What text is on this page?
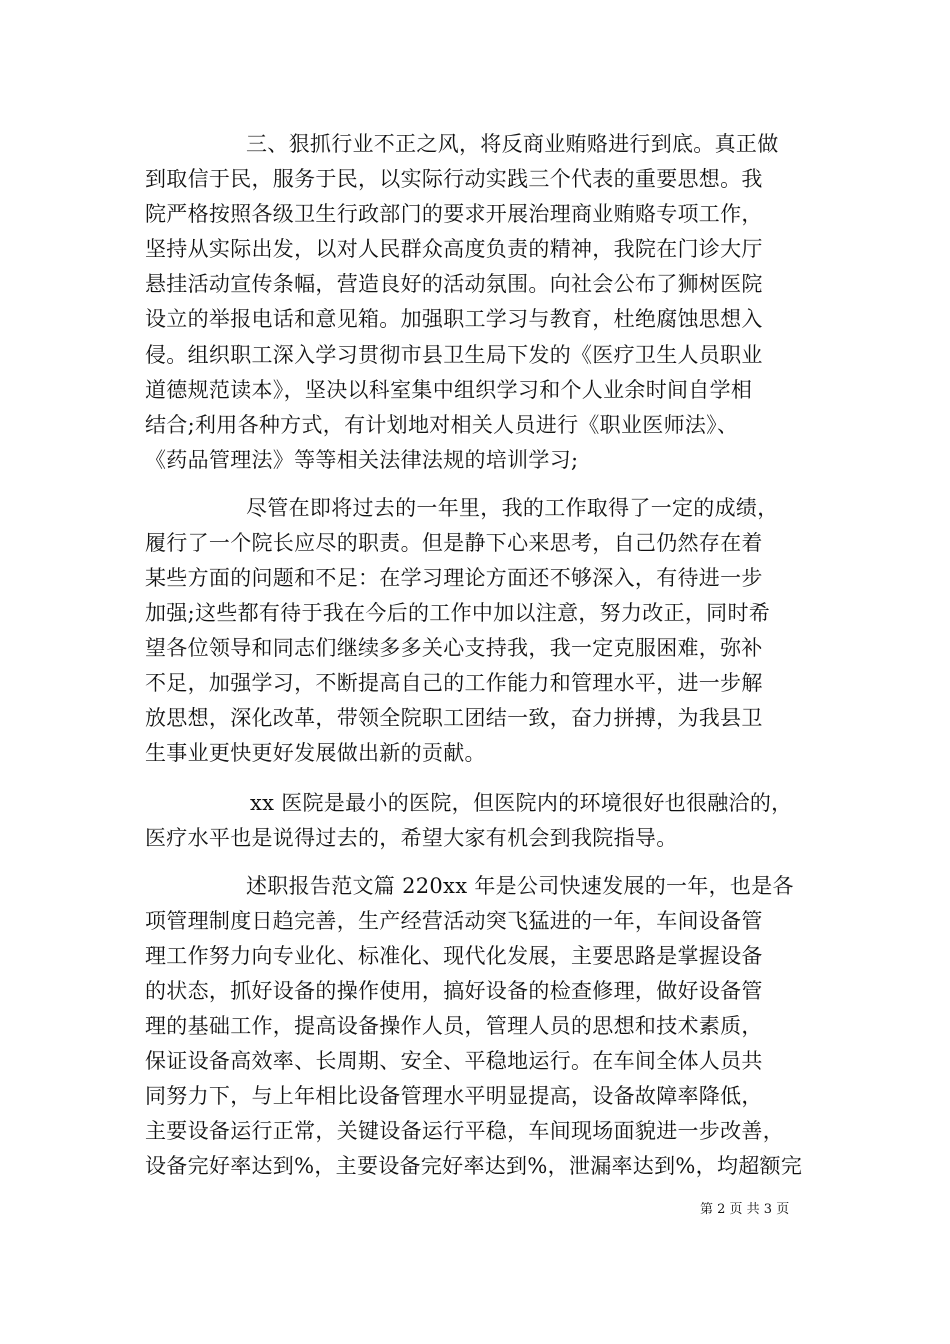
三、狠抓行业不正之风，将反商业贿赂进行到底。真正做
到取信于民，服务于民，以实际行动实践三个代表的重要思想。我
院严格按照各级卫生行政部门的要求开展治理商业贿赂专项工作，
坚持从实际出发，以对人民群众高度负责的精神，我院在门诊大厅
悬挂活动宣传条幅，营造良好的活动氛围。向社会公布了狮树医院
设立的举报电话和意见箱。加强职工学习与教育，杜绝腐蚀思想入
侵。组织职工深入学习贯彻市县卫生局下发的《医疗卫生人员职业
道德规范读本》，坚决以科室集中组织学习和个人业余时间自学相
结合;利用各种方式，有计划地对相关人员进行《职业医师法》、
《药品管理法》等等相关法律法规的培训学习;
尽管在即将过去的一年里，我的工作取得了一定的成绩，
履行了一个院长应尽的职责。但是静下心来思考，自己仍然存在着
某些方面的问题和不足：在学习理论方面还不够深入，有待进一步
加强;这些都有待于我在今后的工作中加以注意，努力改正，同时希
望各位领导和同志们继续多多关心支持我，我一定克服困难，弥补
不足，加强学习，不断提高自己的工作能力和管理水平，进一步解
放思想，深化改革，带领全院职工团结一致，奋力拼搏，为我县卫
生事业更快更好发展做出新的贡献。
xx 医院是最小的医院，但医院内的环境很好也很融洽的，
医疗水平也是说得过去的，希望大家有机会到我院指导。
述职报告范文篇 220xx 年是公司快速发展的一年，也是各
项管理制度日趋完善，生产经营活动突飞猛进的一年，车间设备管
理工作努力向专业化、标准化、现代化发展，主要思路是掌握设备
的状态，抓好设备的操作使用，搞好设备的检查修理，做好设备管
理的基础工作，提高设备操作人员，管理人员的思想和技术素质，
保证设备高效率、长周期、安全、平稳地运行。在车间全体人员共
同努力下，与上年相比设备管理水平明显提高，设备故障率降低，
主要设备运行正常，关键设备运行平稳，车间现场面貌进一步改善，
设备完好率达到%，主要设备完好率达到%，泄漏率达到%，均超额完
第 2 页 共 3 页
